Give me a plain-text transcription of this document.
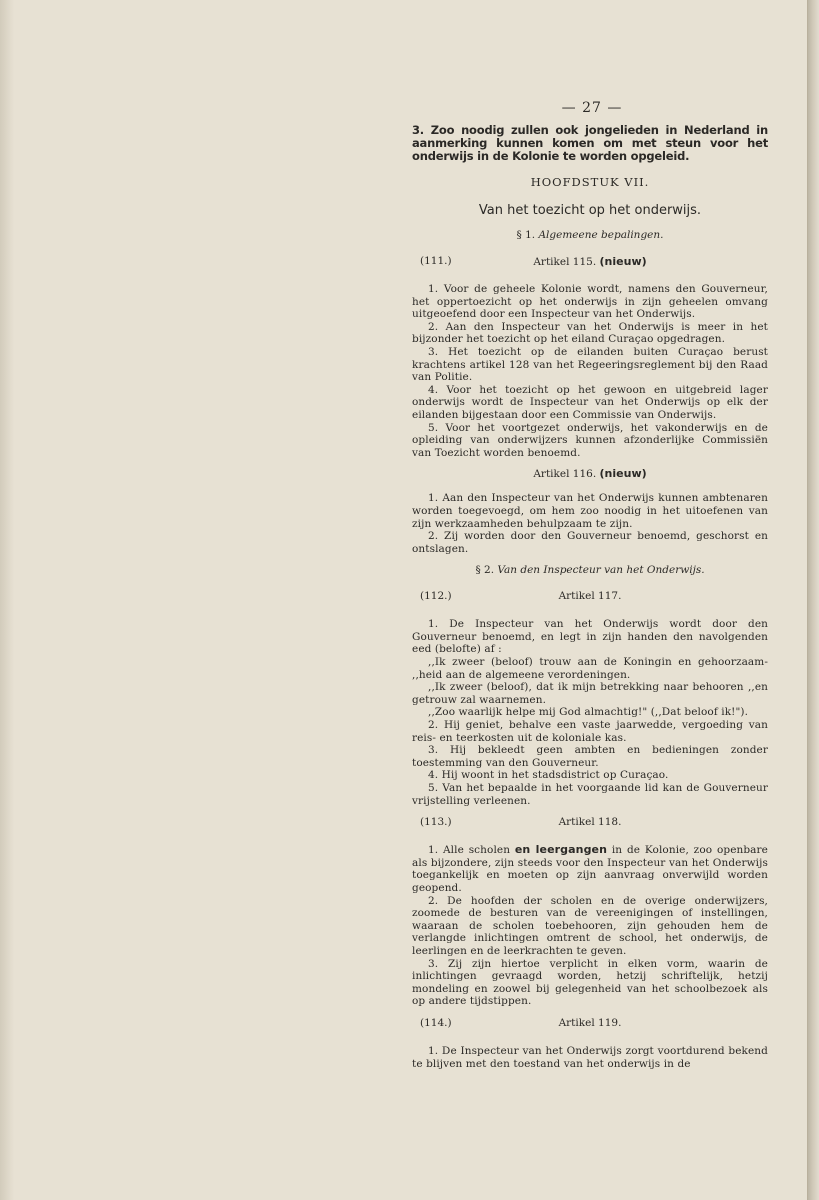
— 27 —

3. Zoo noodig zullen ook jongelieden in Nederland in aanmerking kunnen komen om met steun voor het onderwijs in de Kolonie te worden opgeleid.

HOOFDSTUK VII.
Van het toezicht op het onderwijs.
§ 1. Algemeene bepalingen.
(111.)	Artikel 115. (nieuw)

1. Voor de geheele Kolonie wordt, namens den Gouverneur, het oppertoezicht op het onderwijs in zijn geheelen omvang uitgeoefend door een Inspecteur van het Onderwijs.

2. Aan den Inspecteur van het Onderwijs is meer in het bijzonder het toezicht op het eiland Curaçao opgedragen.

3. Het toezicht op de eilanden buiten Curaçao berust krachtens artikel 128 van het Regeeringsreglement bij den Raad van Politie.

4. Voor het toezicht op het gewoon en uitgebreid lager onderwijs wordt de Inspecteur van het Onderwijs op elk der eilanden bijgestaan door een Commissie van Onderwijs.

5. Voor het voortgezet onderwijs, het vakonderwijs en de opleiding van onderwijzers kunnen afzonderlijke Commissiën van Toezicht worden benoemd.

Artikel 116. (nieuw)

1. Aan den Inspecteur van het Onderwijs kunnen ambtenaren worden toegevoegd, om hem zoo noodig in het uitoefenen van zijn werkzaamheden behulpzaam te zijn.

2. Zij worden door den Gouverneur benoemd, geschorst en ontslagen.

§ 2. Van den Inspecteur van het Onderwijs.
(112.)	Artikel 117.

1. De Inspecteur van het Onderwijs wordt door den Gouverneur benoemd, en legt in zijn handen den navolgenden eed (belofte) af :

,,Ik zweer (beloof) trouw aan de Koningin en gehoorzaam- ,,heid aan de algemeene verordeningen.

,,Ik zweer (beloof), dat ik mijn betrekking naar behooren ,,en getrouw zal waarnemen.

,,Zoo waarlijk helpe mij God almachtig!" (,,Dat beloof ik!").

2. Hij geniet, behalve een vaste jaarwedde, vergoeding van reis- en teerkosten uit de koloniale kas.

3. Hij bekleedt geen ambten en bedieningen zonder toestemming van den Gouverneur.

4. Hij woont in het stadsdistrict op Curaçao.

5. Van het bepaalde in het voorgaande lid kan de Gouverneur vrijstelling verleenen.

(113.)	Artikel 118.

1. Alle scholen en leergangen in de Kolonie, zoo openbare als bijzondere, zijn steeds voor den Inspecteur van het Onderwijs toegankelijk en moeten op zijn aanvraag onverwijld worden geopend.

2. De hoofden der scholen en de overige onderwijzers, zoomede de besturen van de vereenigingen of instellingen, waaraan de scholen toebehooren, zijn gehouden hem de verlangde inlichtingen omtrent de school, het onderwijs, de leerlingen en de leerkrachten te geven.

3. Zij zijn hiertoe verplicht in elken vorm, waarin de inlichtingen gevraagd worden, hetzij schriftelijk, hetzij mondeling en zoowel bij gelegenheid van het schoolbezoek als op andere tijdstippen.

(114.)	Artikel 119.

1. De Inspecteur van het Onderwijs zorgt voortdurend bekend te blijven met den toestand van het onderwijs in de
